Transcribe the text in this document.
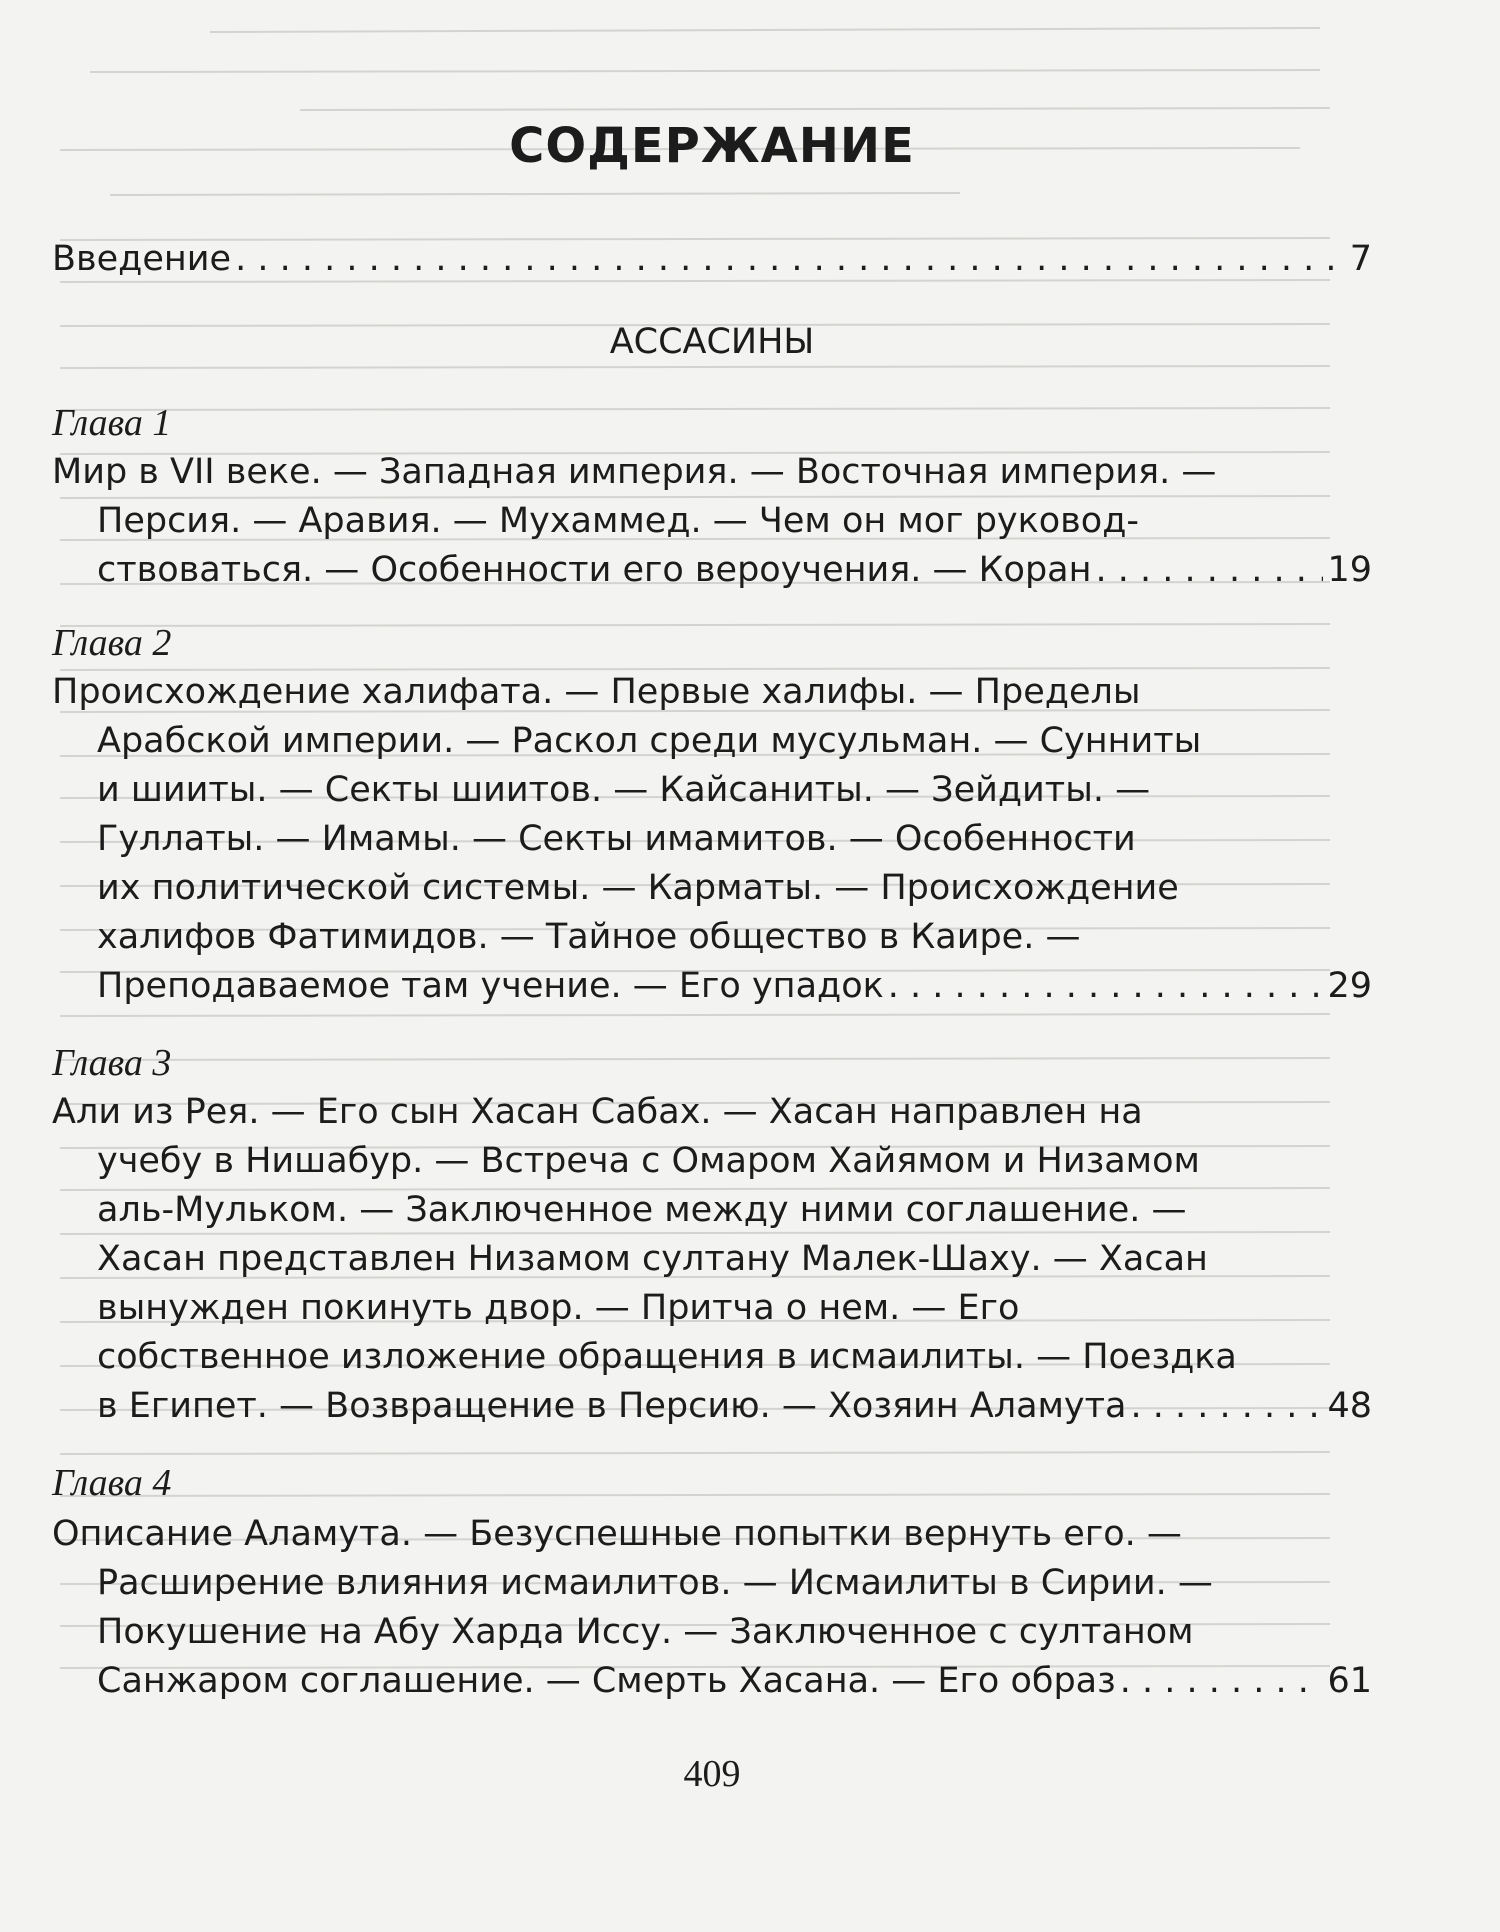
СОДЕРЖАНИЕ
Введение . . .	7
АССАСИНЫ
Глава 1
Мир в VII веке. — Западная империя. — Восточная империя. —
Персия. — Аравия. — Мухаммед. — Чем он мог руковод-
ствоваться. — Особенности его вероучения. — Коран . . .	19
Глава 2
Происхождение халифата. — Первые халифы. — Пределы
Арабской империи. — Раскол среди мусульман. — Сунниты
и шииты. — Секты шиитов. — Кайсаниты. — Зейдиты. —
Гуллаты. — Имамы. — Секты имамитов. — Особенности
их политической системы. — Карматы. — Происхождение
халифов Фатимидов. — Тайное общество в Каире. —
Преподаваемое там учение. — Его упадок . . .	29
Глава 3
Али из Рея. — Его сын Хасан Сабах. — Хасан направлен на
учебу в Нишабур. — Встреча с Омаром Хайямом и Низамом
аль-Мульком. — Заключенное между ними соглашение. —
Хасан представлен Низамом султану Малек-Шаху. — Хасан
вынужден покинуть двор. — Притча о нем. — Его
собственное изложение обращения в исмаилиты. — Поездка
в Египет. — Возвращение в Персию. — Хозяин Аламута . . .	48
Глава 4
Описание Аламута. — Безуспешные попытки вернуть его. —
Расширение влияния исмаилитов. — Исмаилиты в Сирии. —
Покушение на Абу Харда Иссу. — Заключенное с султаном
Санжаром соглашение. — Смерть Хасана. — Его образ . . .	61
409
